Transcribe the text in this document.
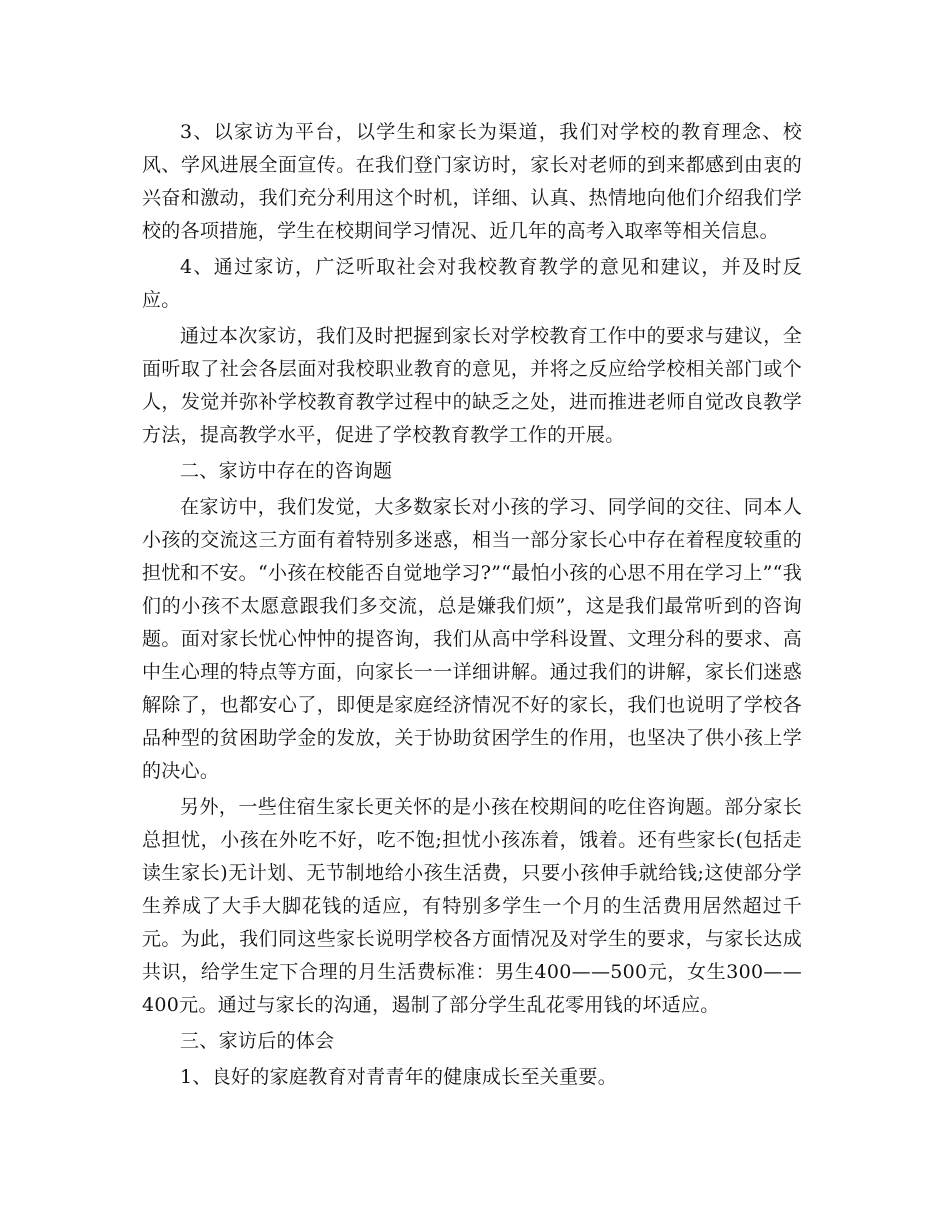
3、以家访为平台，以学生和家长为渠道，我们对学校的教育理念、校风、学风进展全面宣传。在我们登门家访时，家长对老师的到来都感到由衷的兴奋和激动，我们充分利用这个时机，详细、认真、热情地向他们介绍我们学校的各项措施，学生在校期间学习情况、近几年的高考入取率等相关信息。

4、通过家访，广泛听取社会对我校教育教学的意见和建议，并及时反应。

通过本次家访，我们及时把握到家长对学校教育工作中的要求与建议，全面听取了社会各层面对我校职业教育的意见，并将之反应给学校相关部门或个人，发觉并弥补学校教育教学过程中的缺乏之处，进而推进老师自觉改良教学方法，提高教学水平，促进了学校教育教学工作的开展。

二、家访中存在的咨询题

在家访中，我们发觉，大多数家长对小孩的学习、同学间的交往、同本人小孩的交流这三方面有着特别多迷惑，相当一部分家长心中存在着程度较重的担忧和不安。“小孩在校能否自觉地学习?”“最怕小孩的心思不用在学习上”“我们的小孩不太愿意跟我们多交流，总是嫌我们烦”，这是我们最常听到的咨询题。面对家长忧心忡忡的提咨询，我们从高中学科设置、文理分科的要求、高中生心理的特点等方面，向家长一一详细讲解。通过我们的讲解，家长们迷惑解除了，也都安心了，即便是家庭经济情况不好的家长，我们也说明了学校各品种型的贫困助学金的发放，关于协助贫困学生的作用，也坚决了供小孩上学的决心。

另外，一些住宿生家长更关怀的是小孩在校期间的吃住咨询题。部分家长总担忧，小孩在外吃不好，吃不饱;担忧小孩冻着，饿着。还有些家长(包括走读生家长)无计划、无节制地给小孩生活费，只要小孩伸手就给钱;这使部分学生养成了大手大脚花钱的适应，有特别多学生一个月的生活费用居然超过千元。为此，我们同这些家长说明学校各方面情况及对学生的要求，与家长达成共识，给学生定下合理的月生活费标准：男生400——500元，女生300——400元。通过与家长的沟通，遏制了部分学生乱花零用钱的坏适应。

三、家访后的体会

1、良好的家庭教育对青青年的健康成长至关重要。
